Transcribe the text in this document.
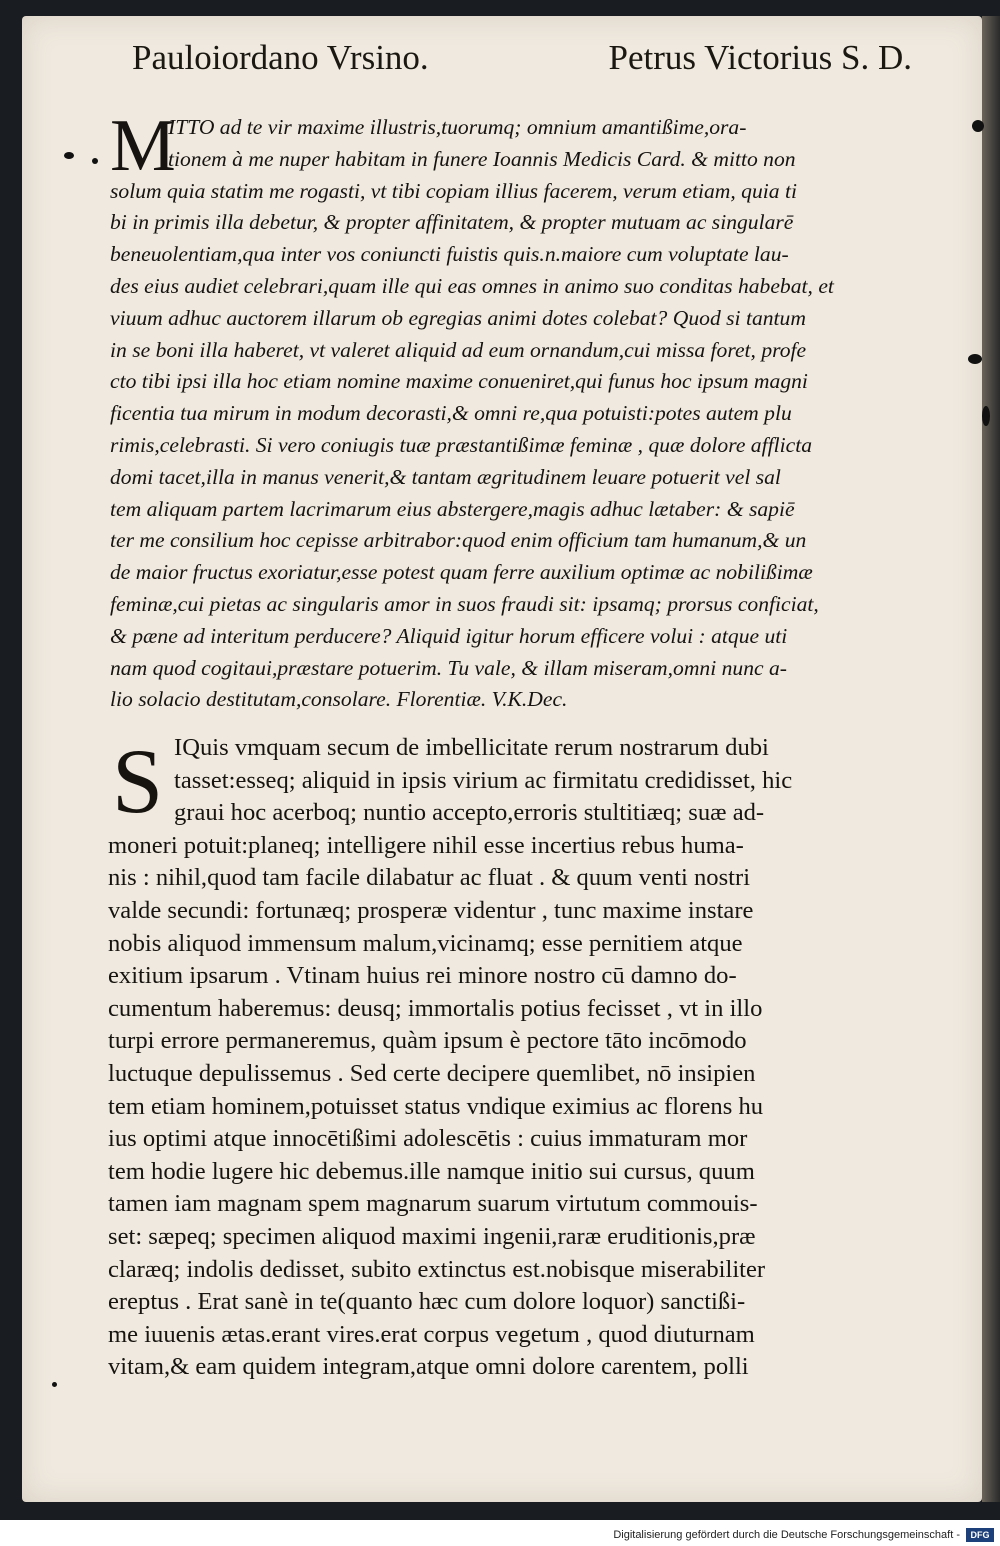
Pauloiordano Vrsino.	Petrus Victorius S. D.
M
ITTO ad te vir maxime illustris,tuorumq; omnium amantißime,ora-
tionem à me nuper habitam in funere Ioannis Medicis Card. & mitto non
solum quia statim me rogasti, vt tibi copiam illius facerem, verum etiam, quia ti
bi in primis illa debetur, & propter affinitatem, & propter mutuam ac singularē
beneuolentiam,qua inter vos coniuncti fuistis quis.n.maiore cum voluptate lau-
des eius audiet celebrari,quam ille qui eas omnes in animo suo conditas habebat, et
viuum adhuc auctorem illarum ob egregias animi dotes colebat? Quod si tantum
in se boni illa haberet, vt valeret aliquid ad eum ornandum,cui missa foret, profe
cto tibi ipsi illa hoc etiam nomine maxime conueniret,qui funus hoc ipsum magni
ficentia tua mirum in modum decorasti,& omni re,qua potuisti:potes autem plu
rimis,celebrasti. Si vero coniugis tuæ præstantißimæ feminæ , quæ dolore afflicta
domi tacet,illa in manus venerit,& tantam ægritudinem leuare potuerit vel sal
tem aliquam partem lacrimarum eius abstergere,magis adhuc lætaber: & sapiē
ter me consilium hoc cepisse arbitrabor:quod enim officium tam humanum,& un
de maior fructus exoriatur,esse potest quam ferre auxilium optimæ ac nobilißimæ
feminæ,cui pietas ac singularis amor in suos fraudi sit: ipsamq; prorsus conficiat,
& pæne ad interitum perducere? Aliquid igitur horum efficere volui : atque uti
nam quod cogitaui,præstare potuerim. Tu vale, & illam miseram,omni nunc a-
lio solacio destitutam,consolare. Florentiæ. V.K.Dec.
S IQuis vmquam secum de imbellicitate rerum nostrarum dubi
tasset:esseq; aliquid in ipsis virium ac firmitatu credidisset, hic
graui hoc acerboq; nuntio accepto,erroris stultitiæq; suæ ad-
moneri potuit:planeq; intelligere nihil esse incertius rebus huma-
nis : nihil,quod tam facile dilabatur ac fluat . & quum venti nostri
valde secundi: fortunæq; prosperæ videntur , tunc maxime instare
nobis aliquod immensum malum,vicinamq; esse pernitiem atque
exitium ipsarum . Vtinam huius rei minore nostro cū damno do-
cumentum haberemus: deusq; immortalis potius fecisset , vt in illo
turpi errore permaneremus, quàm ipsum è pectore tāto incōmodo
luctuque depulissemus . Sed certe decipere quemlibet, nō insipien
tem etiam hominem,potuisset status vndique eximius ac florens hu
ius optimi atque innocētißimi adolescētis : cuius immaturam mor
tem hodie lugere hic debemus.ille namque initio sui cursus, quum
tamen iam magnam spem magnarum suarum virtutum commouis-
set: sæpeq; specimen aliquod maximi ingenii,raræ eruditionis,præ
claræq; indolis dedisset, subito extinctus est.nobisque miserabiliter
ereptus . Erat sanè in te(quanto hæc cum dolore loquor) sanctißi-
me iuuenis ætas.erant vires.erat corpus vegetum , quod diuturnam
vitam,& eam quidem integram,atque omni dolore carentem, polli
Digitalisierung gefördert durch die Deutsche Forschungsgemeinschaft -	DFG
